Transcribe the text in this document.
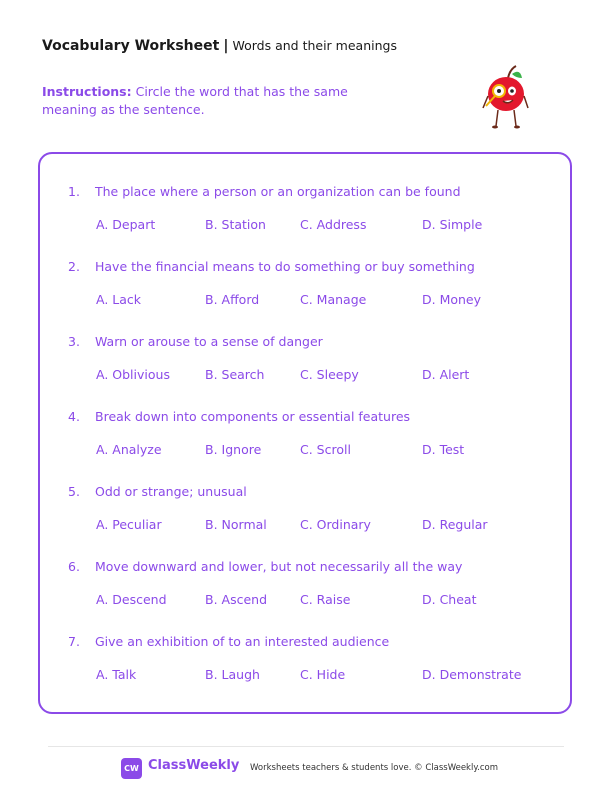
Vocabulary Worksheet | Words and their meanings
Instructions: Circle the word that has the same meaning as the sentence.
1. The place where a person or an organization can be found
A. Depart	B. Station	C. Address	D. Simple
2. Have the financial means to do something or buy something
A. Lack	B. Afford	C. Manage	D. Money
3. Warn or arouse to a sense of danger
A. Oblivious	B. Search	C. Sleepy	D. Alert
4. Break down into components or essential features
A. Analyze	B. Ignore	C. Scroll	D. Test
5. Odd or strange; unusual
A. Peculiar	B. Normal	C. Ordinary	D. Regular
6. Move downward and lower, but not necessarily all the way
A. Descend	B. Ascend	C. Raise	D. Cheat
7. Give an exhibition of to an interested audience
A. Talk	B. Laugh	C. Hide	D. Demonstrate
CW ClassWeekly Worksheets teachers & students love. © ClassWeekly.com
